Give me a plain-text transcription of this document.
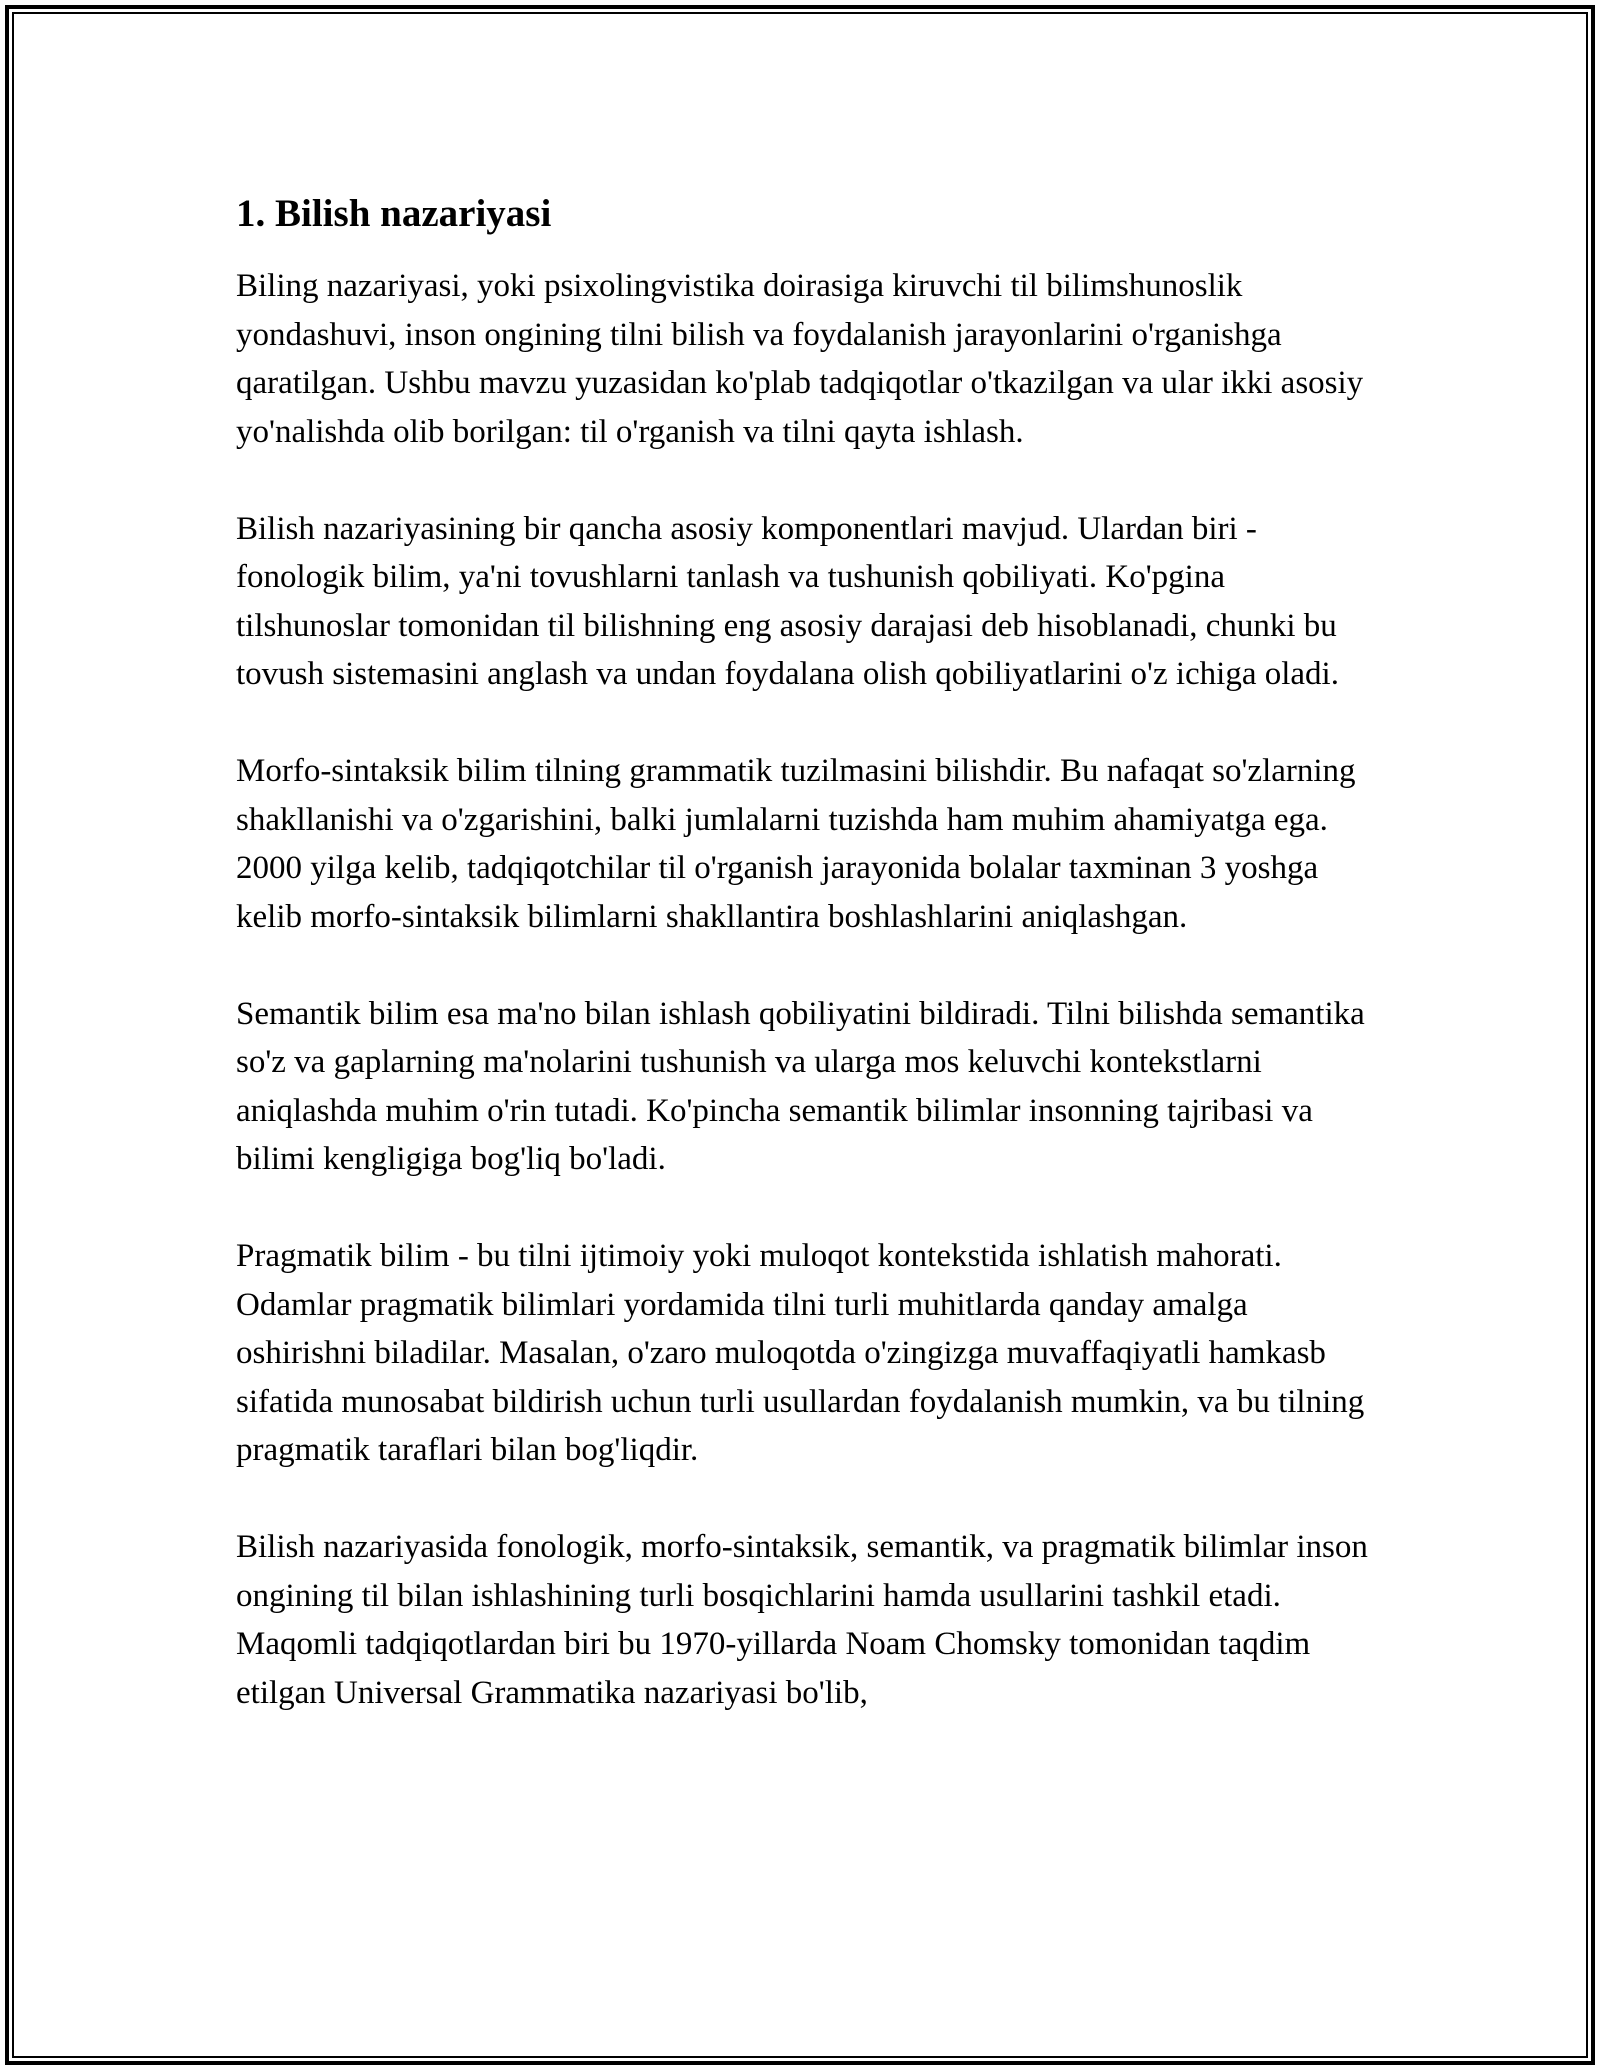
1. Bilish nazariyasi

Biling nazariyasi, yoki psixolingvistika doirasiga kiruvchi til bilimshunoslik yondashuvi, inson ongining tilni bilish va foydalanish jarayonlarini o'rganishga qaratilgan. Ushbu mavzu yuzasidan ko'plab tadqiqotlar o'tkazilgan va ular ikki asosiy yo'nalishda olib borilgan: til o'rganish va tilni qayta ishlash.

Bilish nazariyasining bir qancha asosiy komponentlari mavjud. Ulardan biri - fonologik bilim, ya'ni tovushlarni tanlash va tushunish qobiliyati. Ko'pgina tilshunoslar tomonidan til bilishning eng asosiy darajasi deb hisoblanadi, chunki bu tovush sistemasini anglash va undan foydalana olish qobiliyatlarini o'z ichiga oladi.

Morfo-sintaksik bilim tilning grammatik tuzilmasini bilishdir. Bu nafaqat so'zlarning shakllanishi va o'zgarishini, balki jumlalarni tuzishda ham muhim ahamiyatga ega. 2000 yilga kelib, tadqiqotchilar til o'rganish jarayonida bolalar taxminan 3 yoshga kelib morfo-sintaksik bilimlarni shakllantira boshlashlarini aniqlashgan.

Semantik bilim esa ma'no bilan ishlash qobiliyatini bildiradi. Tilni bilishda semantika so'z va gaplarning ma'nolarini tushunish va ularga mos keluvchi kontekstlarni aniqlashda muhim o'rin tutadi. Ko'pincha semantik bilimlar insonning tajribasi va bilimi kengligiga bog'liq bo'ladi.

Pragmatik bilim - bu tilni ijtimoiy yoki muloqot kontekstida ishlatish mahorati. Odamlar pragmatik bilimlari yordamida tilni turli muhitlarda qanday amalga oshirishni biladilar. Masalan, o'zaro muloqotda o'zingizga muvaffaqiyatli hamkasb sifatida munosabat bildirish uchun turli usullardan foydalanish mumkin, va bu tilning pragmatik taraflari bilan bog'liqdir.

Bilish nazariyasida fonologik, morfo-sintaksik, semantik, va pragmatik bilimlar inson ongining til bilan ishlashining turli bosqichlarini hamda usullarini tashkil etadi. Maqomli tadqiqotlardan biri bu 1970-yillarda Noam Chomsky tomonidan taqdim etilgan Universal Grammatika nazariyasi bo'lib,
